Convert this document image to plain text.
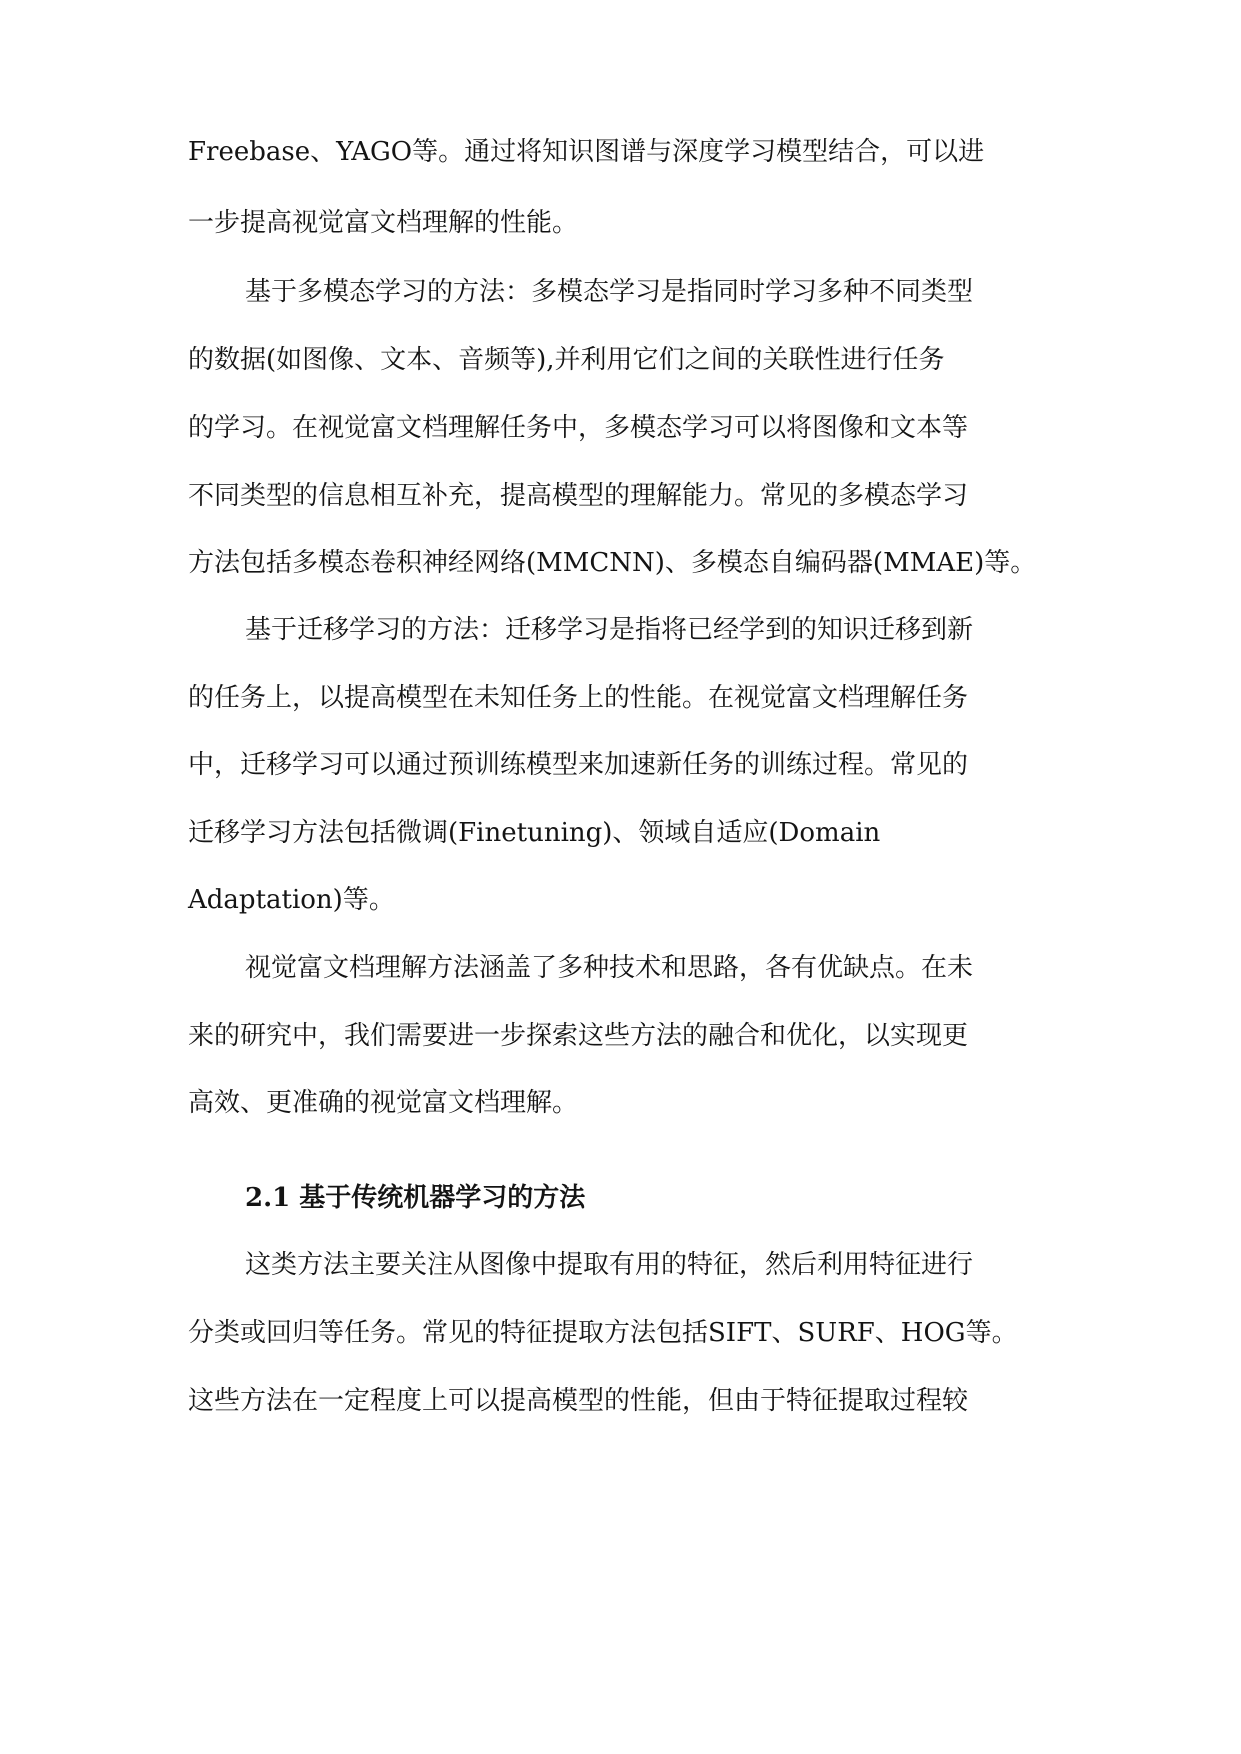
Freebase、YAGO等。通过将知识图谱与深度学习模型结合，可以进
一步提高视觉富文档理解的性能。
基于多模态学习的方法：多模态学习是指同时学习多种不同类型
的数据(如图像、文本、音频等),并利用它们之间的关联性进行任务
的学习。在视觉富文档理解任务中，多模态学习可以将图像和文本等
不同类型的信息相互补充，提高模型的理解能力。常见的多模态学习
方法包括多模态卷积神经网络(MMCNN)、多模态自编码器(MMAE)等。
基于迁移学习的方法：迁移学习是指将已经学到的知识迁移到新
的任务上，以提高模型在未知任务上的性能。在视觉富文档理解任务
中，迁移学习可以通过预训练模型来加速新任务的训练过程。常见的
迁移学习方法包括微调(Finetuning)、领域自适应(Domain
Adaptation)等。
视觉富文档理解方法涵盖了多种技术和思路，各有优缺点。在未
来的研究中，我们需要进一步探索这些方法的融合和优化，以实现更
高效、更准确的视觉富文档理解。
2.1 基于传统机器学习的方法
这类方法主要关注从图像中提取有用的特征，然后利用特征进行
分类或回归等任务。常见的特征提取方法包括SIFT、SURF、HOG等。
这些方法在一定程度上可以提高模型的性能，但由于特征提取过程较
